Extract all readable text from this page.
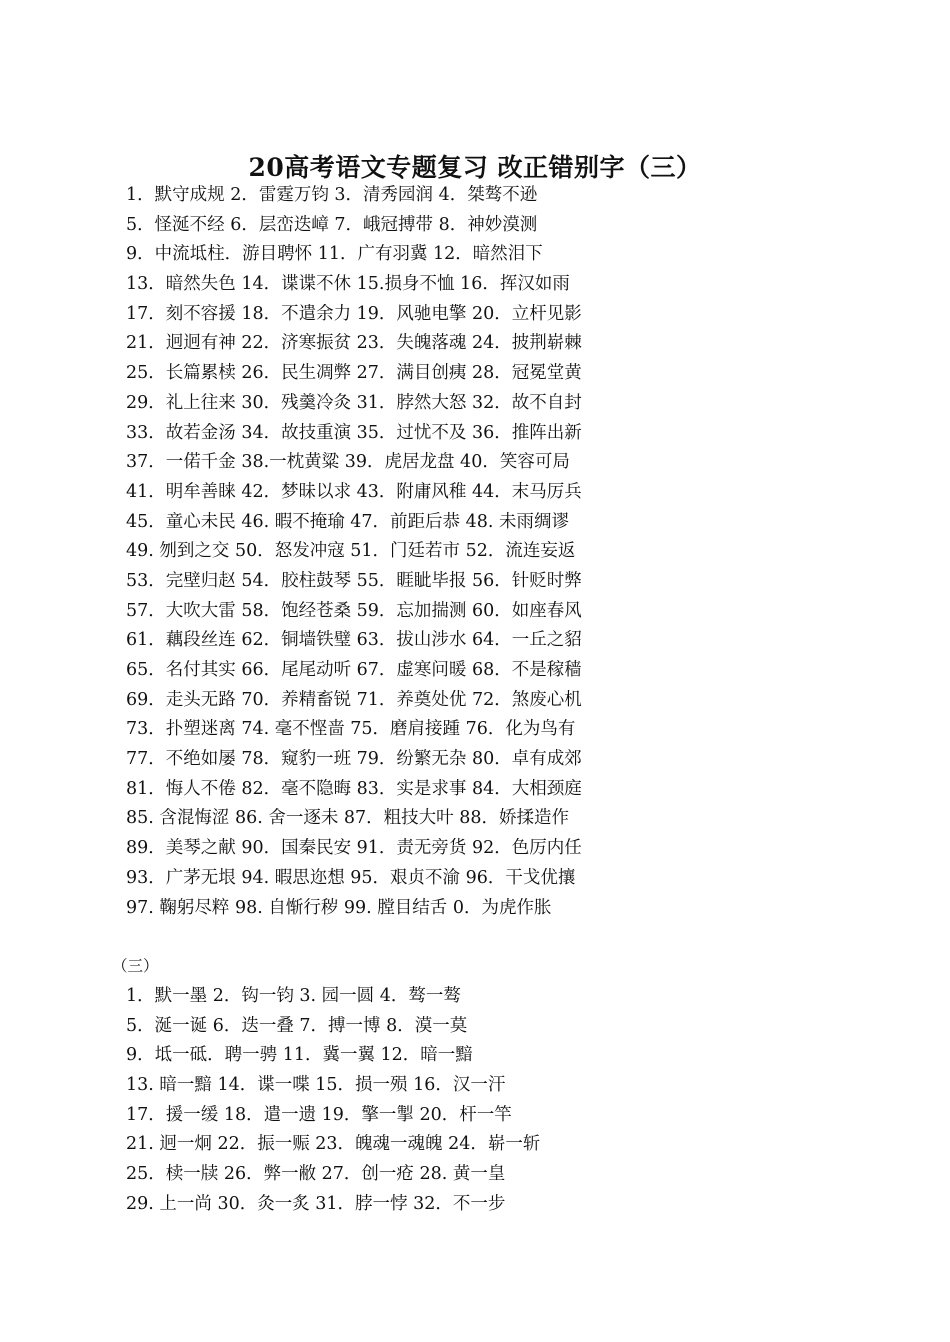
20高考语文专题复习 改正错别字（三）
1．默守成规 2．雷霆万钧 3．清秀园润 4．桀骜不逊
5．怪涎不经 6．层峦迭嶂 7．峨冠搏带 8．神妙漠测
9．中流坻柱．游目聘怀 11．广有羽冀 12．暗然泪下
13．暗然失色 14．谍谍不休 15.损身不恤 16．挥汉如雨
17．刻不容援 18．不遣余力 19．风驰电擎 20．立杆见影
21．迥迥有神 22．济寒振贫 23．失魄落魂 24．披荆崭棘
25．长篇累椟 26．民生凋弊 27．满目创痍 28．冠冕堂黄
29．礼上往来 30．残羹冷灸 31．脖然大怒 32．故不自封
33．故若金汤 34．故技重演 35．过忧不及 36．推阵出新
37．一偌千金 38.一枕黄粱 39．虎居龙盘 40．笑容可局
41．明牟善睐 42．梦昧以求 43．附庸风稚 44．末马厉兵
45．童心未民 46. 暇不掩瑜 47．前距后恭 48. 未雨绸谬
49. 刎到之交 50．怒发冲寇 51．门廷若市 52．流连妄返
53．完壁归赵 54．胶柱鼓琴 55．睚眦毕报 56．针贬时弊
57．大吹大雷 58．饱经苍桑 59．忘加揣测 60．如座春风
61．藕段丝连 62．铜墙铁璧 63．拔山涉水 64．一丘之貂
65．名付其实 66．尾尾动听 67．虚寒问暖 68．不是稼穑
69．走头无路 70．养精畜锐 71．养奠处优 72．煞废心机
73．扑塑迷离 74. 毫不悭啬 75．磨肩接踵 76．化为鸟有
77．不绝如屡 78．窥豹一班 79．纷繁无杂 80．卓有成郊
81．悔人不倦 82．毫不隐晦 83．实是求事 84．大相颈庭
85. 含混悔涩 86. 舍一逐未 87．粗技大叶 88．娇揉造作
89．美琴之献 90．国秦民安 91．责无旁货 92．色厉内任
93．广茅无垠 94. 暇思迩想 95．艰贞不渝 96．干戈优攘
97. 鞠躬尽粹 98. 自惭行秽 99. 膛目结舌 0．为虎作胀
（三）
1．默一墨 2．钩一钧 3. 园一圆 4．骜一骜
5．涎一诞 6．迭一叠 7．搏一博 8．漠一莫
9．坻一砥．聘一骋 11．冀一翼 12．暗一黯
13. 暗一黯 14．谍一喋 15．损一殒 16．汉一汗
17．援一缓 18．遣一遗 19．擎一掣 20．杆一竿
21. 迥一炯 22．振一赈 23．魄魂一魂魄 24．崭一斩
25．椟一牍 26．弊一敝 27．创一疮 28. 黄一皇
29. 上一尚 30．灸一炙 31．脖一悖 32．不一步
